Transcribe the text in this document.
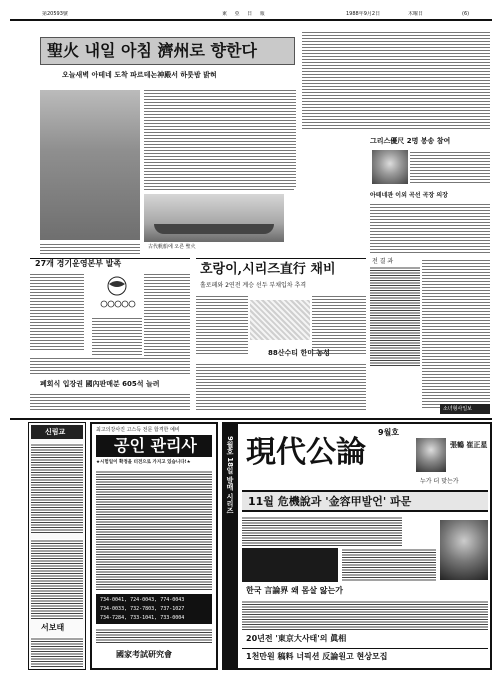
第20593號	東 亞 日 報	1988年9月2日	木曜日	(6)
聖火 내일 아침 濟州로 향한다
오늘새벽 아테네 도착 파르테논神殿서 하룻밤 밝혀
古代帆船에 오른 聖火
27개 경기운영본부 발족
폐회식 입장권 國內판매분 605석 늘려
호랑이,시리즈直行 채비
홀로페와 2연전 계승 선두 부채입차 추격
88산수티 한미 농성
그리스優尺 2명 봉송 참여
아테네관 이외 곡선 곡장 의장
전 결 과
소녀형사일보
신림교
서보태
최고의강사진 고스득 전문 합격한 예비
공인 관리사
★시험일이 확정을 터전으로 가지고 있습니다!★
734-0041, 724-0043, 774-0043
734-0033, 732-7803, 737-1027
734-7284, 733-1041, 733-0004
國家考試研究會
9월호 18일 발매 시리즈
9월호
現代公論	張鶴 崔正星
누가 더 맞는가
11월 危機說과 '金容甲발언' 파문
한국 言論界 왜 몸살 앓는가
20년전 '東京大사태'의 眞相
1천만원 稿料 너픽션 反論원고 현상모집
